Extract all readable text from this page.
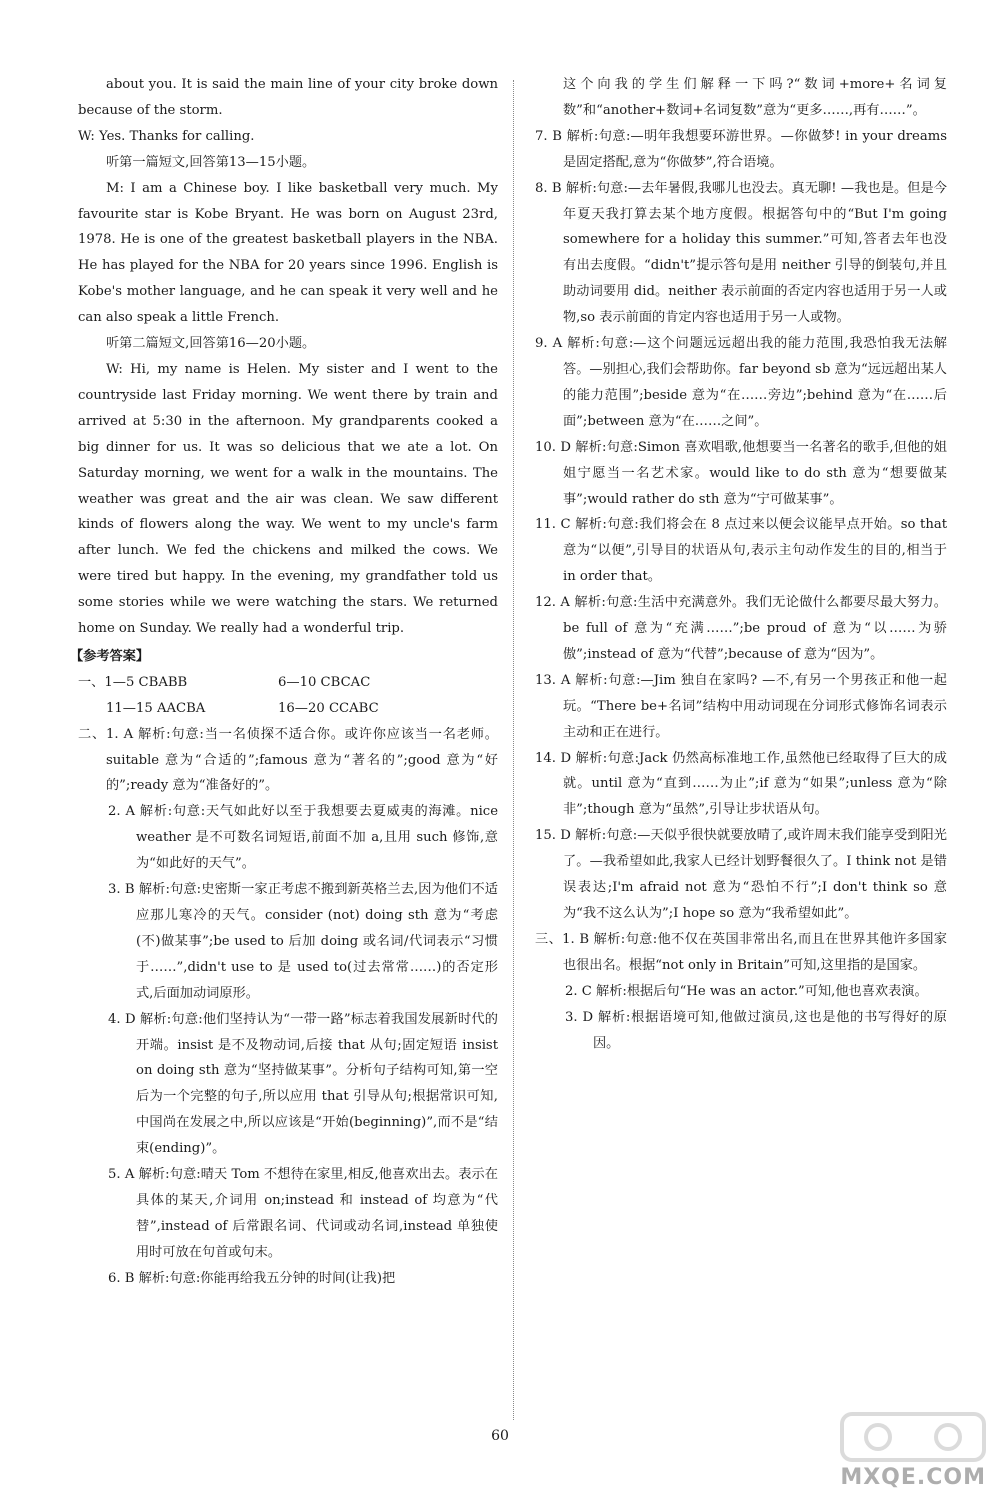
about you. It is said the main line of your city broke down because of the storm.

W: Yes. Thanks for calling.

听第一篇短文,回答第13—15小题。

M: I am a Chinese boy. I like basketball very much. My favourite star is Kobe Bryant. He was born on August 23rd, 1978. He is one of the greatest basketball players in the NBA. He has played for the NBA for 20 years since 1996. English is Kobe's mother language, and he can speak it very well and he can also speak a little French.

听第二篇短文,回答第16—20小题。

W: Hi, my name is Helen. My sister and I went to the countryside last Friday morning. We went there by train and arrived at 5:30 in the afternoon. My grandparents cooked a big dinner for us. It was so delicious that we ate a lot. On Saturday morning, we went for a walk in the mountains. The weather was great and the air was clean. We saw different kinds of flowers along the way. We went to my uncle's farm after lunch. We fed the chickens and milked the cows. We were tired but happy. In the evening, my grandfather told us some stories while we were watching the stars. We returned home on Sunday. We really had a wonderful trip.

【参考答案】
一、1—5 CBABB	6—10 CBCAC
11—15 AACBA	16—20 CCABC

二、1. A 解析:句意:当一名侦探不适合你。或许你应该当一名老师。suitable 意为“合适的”;famous 意为“著名的”;good 意为“好的”;ready 意为“准备好的”。

2. A 解析:句意:天气如此好以至于我想要去夏威夷的海滩。nice weather 是不可数名词短语,前面不加 a,且用 such 修饰,意为“如此好的天气”。

3. B 解析:句意:史密斯一家正考虑不搬到新英格兰去,因为他们不适应那儿寒冷的天气。consider (not) doing sth 意为“考虑(不)做某事”;be used to 后加 doing 或名词/代词表示“习惯于……”,didn't use to 是 used to(过去常常……)的否定形式,后面加动词原形。

4. D 解析:句意:他们坚持认为“一带一路”标志着我国发展新时代的开端。insist 是不及物动词,后接 that 从句;固定短语 insist on doing sth 意为“坚持做某事”。分析句子结构可知,第一空后为一个完整的句子,所以应用 that 引导从句;根据常识可知,中国尚在发展之中,所以应该是“开始(beginning)”,而不是“结束(ending)”。

5. A 解析:句意:晴天 Tom 不想待在家里,相反,他喜欢出去。表示在具体的某天,介词用 on;instead 和 instead of 均意为“代替”,instead of 后常跟名词、代词或动名词,instead 单独使用时可放在句首或句末。

6. B 解析:句意:你能再给我五分钟的时间(让我)把

这个向我的学生们解释一下吗?“数词+more+名词复数”和“another+数词+名词复数”意为“更多……,再有……”。

7. B 解析:句意:—明年我想要环游世界。—你做梦! in your dreams 是固定搭配,意为“你做梦”,符合语境。

8. B 解析:句意:—去年暑假,我哪儿也没去。真无聊! —我也是。但是今年夏天我打算去某个地方度假。根据答句中的“But I'm going somewhere for a holiday this summer.”可知,答者去年也没有出去度假。“didn't”提示答句是用 neither 引导的倒装句,并且助动词要用 did。neither 表示前面的否定内容也适用于另一人或物,so 表示前面的肯定内容也适用于另一人或物。

9. A 解析:句意:—这个问题远远超出我的能力范围,我恐怕我无法解答。—别担心,我们会帮助你。far beyond sb 意为“远远超出某人的能力范围”;beside 意为“在……旁边”;behind 意为“在……后面”;between 意为“在……之间”。

10. D 解析:句意:Simon 喜欢唱歌,他想要当一名著名的歌手,但他的姐姐宁愿当一名艺术家。would like to do sth 意为“想要做某事”;would rather do sth 意为“宁可做某事”。

11. C 解析:句意:我们将会在 8 点过来以便会议能早点开始。so that 意为“以便”,引导目的状语从句,表示主句动作发生的目的,相当于 in order that。

12. A 解析:句意:生活中充满意外。我们无论做什么都要尽最大努力。be full of 意为“充满……”;be proud of 意为“以……为骄傲”;instead of 意为“代替”;because of 意为“因为”。

13. A 解析:句意:—Jim 独自在家吗? —不,有另一个男孩正和他一起玩。“There be+名词”结构中用动词现在分词形式修饰名词表示主动和正在进行。

14. D 解析:句意:Jack 仍然高标准地工作,虽然他已经取得了巨大的成就。until 意为“直到……为止”;if 意为“如果”;unless 意为“除非”;though 意为“虽然”,引导让步状语从句。

15. D 解析:句意:—天似乎很快就要放晴了,或许周末我们能享受到阳光了。—我希望如此,我家人已经计划野餐很久了。I think not 是错误表达;I'm afraid not 意为“恐怕不行”;I don't think so 意为“我不这么认为”;I hope so 意为“我希望如此”。

三、1. B 解析:句意:他不仅在英国非常出名,而且在世界其他许多国家也很出名。根据“not only in Britain”可知,这里指的是国家。

2. C 解析:根据后句“He was an actor.”可知,他也喜欢表演。

3. D 解析:根据语境可知,他做过演员,这也是他的书写得好的原因。

60
MXQE.COM
